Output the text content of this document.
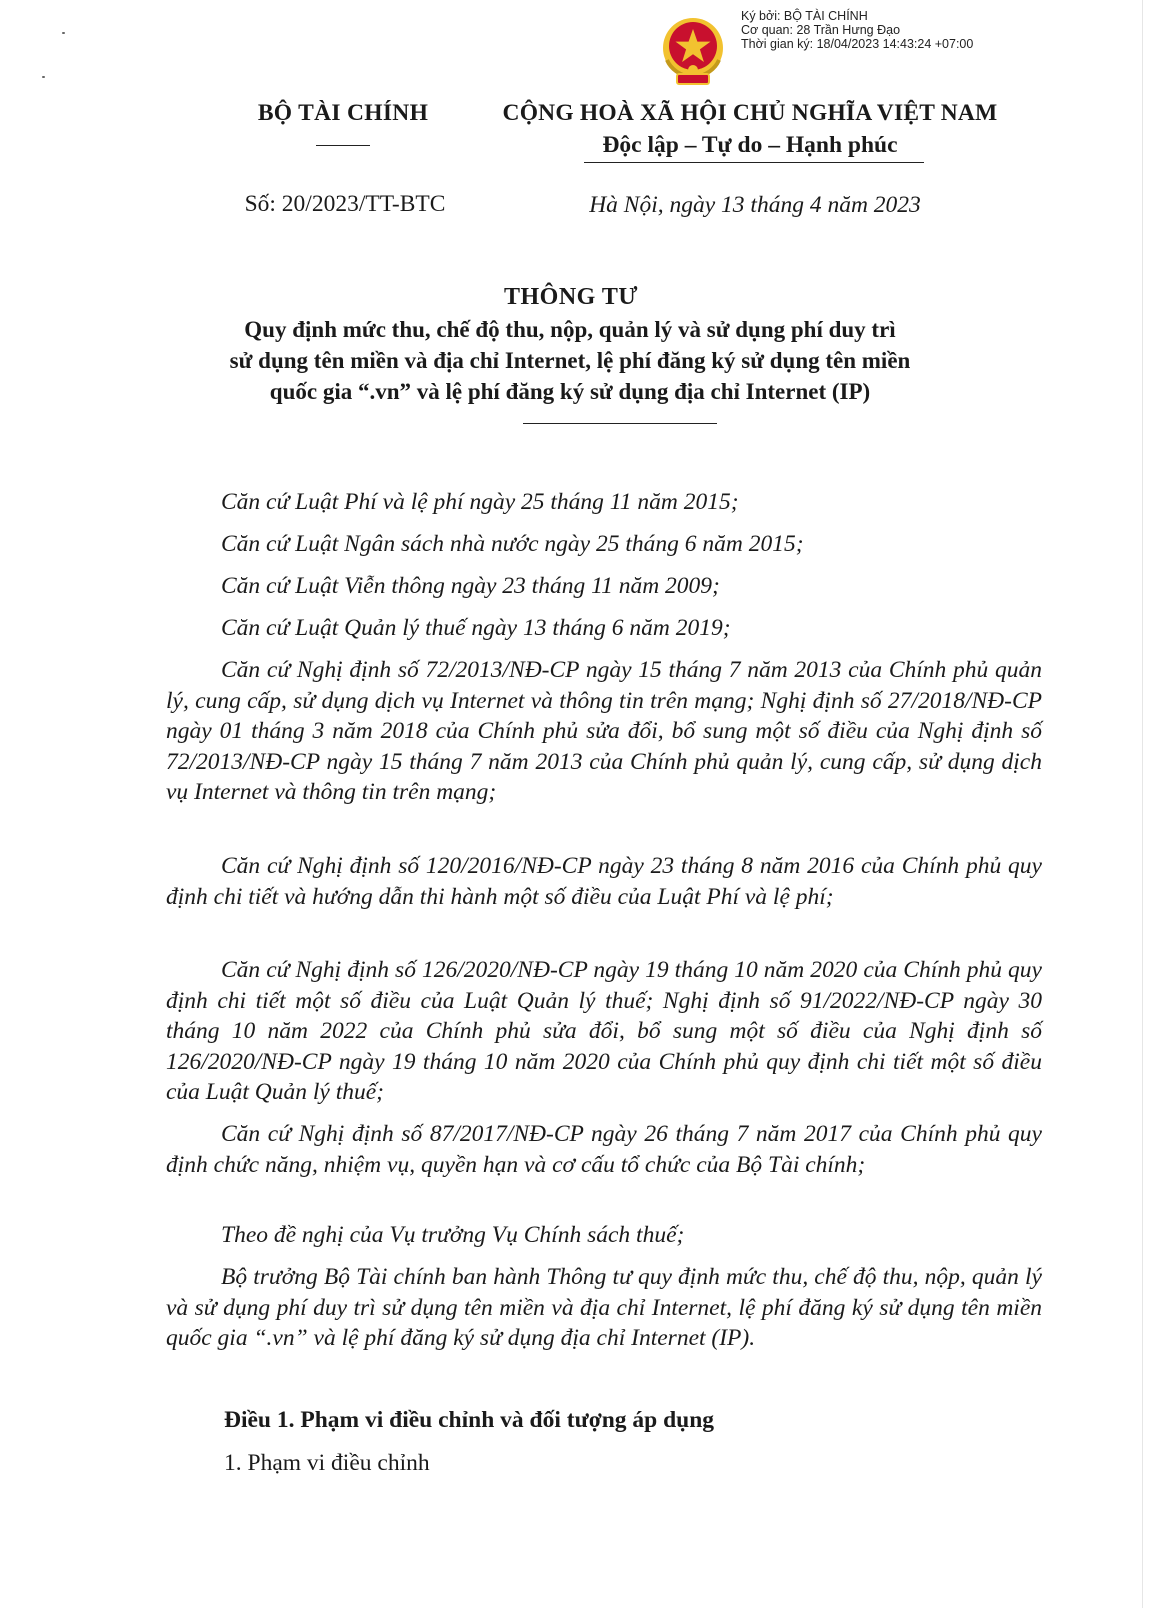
Ký bởi: BỘ TÀI CHÍNH
Cơ quan: 28 Trần Hưng Đạo
Thời gian ký: 18/04/2023 14:43:24 +07:00
BỘ TÀI CHÍNH	CỘNG HOÀ XÃ HỘI CHỦ NGHĨA VIỆT NAM
Độc lập – Tự do – Hạnh phúc
Số: 20/2023/TT-BTC	Hà Nội, ngày 13 tháng 4 năm 2023
THÔNG TƯ
Quy định mức thu, chế độ thu, nộp, quản lý và sử dụng phí duy trì
sử dụng tên miền và địa chỉ Internet, lệ phí đăng ký sử dụng tên miền
quốc gia “.vn” và lệ phí đăng ký sử dụng địa chỉ Internet (IP)

Căn cứ Luật Phí và lệ phí ngày 25 tháng 11 năm 2015;

Căn cứ Luật Ngân sách nhà nước ngày 25 tháng 6 năm 2015;

Căn cứ Luật Viễn thông ngày 23 tháng 11 năm 2009;

Căn cứ Luật Quản lý thuế ngày 13 tháng 6 năm 2019;

Căn cứ Nghị định số 72/2013/NĐ-CP ngày 15 tháng 7 năm 2013 của Chính phủ quản lý, cung cấp, sử dụng dịch vụ Internet và thông tin trên mạng; Nghị định số 27/2018/NĐ-CP ngày 01 tháng 3 năm 2018 của Chính phủ sửa đổi, bổ sung một số điều của Nghị định số 72/2013/NĐ-CP ngày 15 tháng 7 năm 2013 của Chính phủ quản lý, cung cấp, sử dụng dịch vụ Internet và thông tin trên mạng;

Căn cứ Nghị định số 120/2016/NĐ-CP ngày 23 tháng 8 năm 2016 của Chính phủ quy định chi tiết và hướng dẫn thi hành một số điều của Luật Phí và lệ phí;

Căn cứ Nghị định số 126/2020/NĐ-CP ngày 19 tháng 10 năm 2020 của Chính phủ quy định chi tiết một số điều của Luật Quản lý thuế; Nghị định số 91/2022/NĐ-CP ngày 30 tháng 10 năm 2022 của Chính phủ sửa đổi, bổ sung một số điều của Nghị định số 126/2020/NĐ-CP ngày 19 tháng 10 năm 2020 của Chính phủ quy định chi tiết một số điều của Luật Quản lý thuế;

Căn cứ Nghị định số 87/2017/NĐ-CP ngày 26 tháng 7 năm 2017 của Chính phủ quy định chức năng, nhiệm vụ, quyền hạn và cơ cấu tổ chức của Bộ Tài chính;

Theo đề nghị của Vụ trưởng Vụ Chính sách thuế;

Bộ trưởng Bộ Tài chính ban hành Thông tư quy định mức thu, chế độ thu, nộp, quản lý và sử dụng phí duy trì sử dụng tên miền và địa chỉ Internet, lệ phí đăng ký sử dụng tên miền quốc gia “.vn” và lệ phí đăng ký sử dụng địa chỉ Internet (IP).

Điều 1. Phạm vi điều chỉnh và đối tượng áp dụng
1. Phạm vi điều chỉnh
